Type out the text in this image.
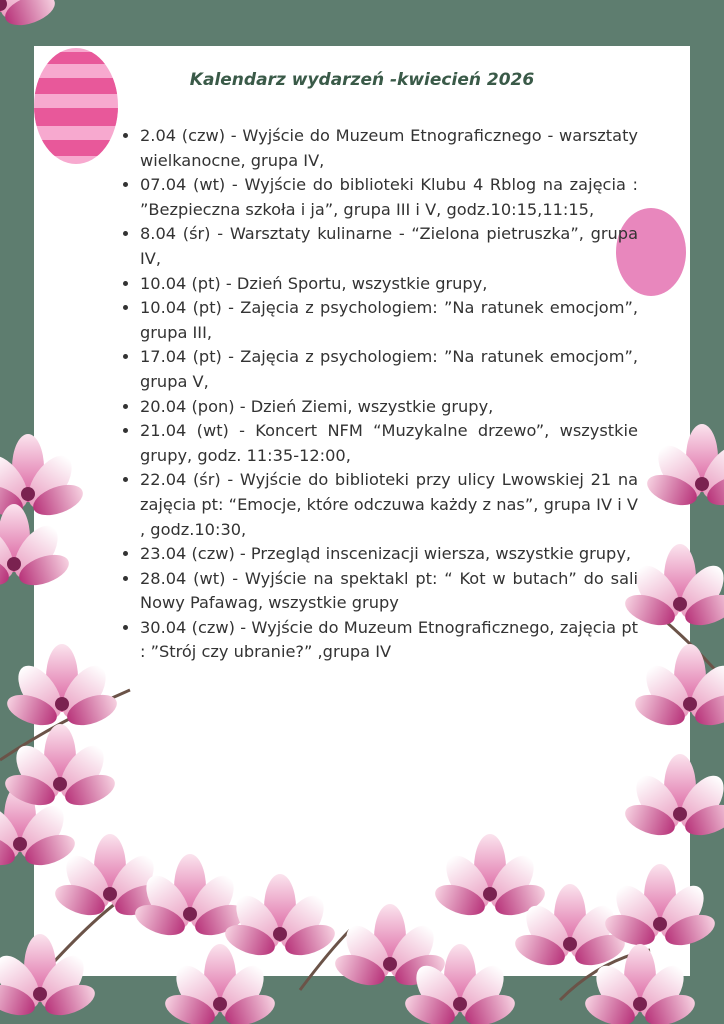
Kalendarz wydarzeń -kwiecień 2026
• 2.04 (czw) - Wyjście do Muzeum Etnograficznego - warsztaty wielkanocne, grupa IV,
• 07.04 (wt) - Wyjście do biblioteki Klubu 4 Rblog na zajęcia : ”Bezpieczna szkoła i ja”, grupa III i V, godz.10:15,11:15,
• 8.04 (śr) - Warsztaty kulinarne - “Zielona pietruszka”, grupa IV,
• 10.04 (pt) - Dzień Sportu, wszystkie grupy,
• 10.04 (pt) - Zajęcia z psychologiem: ”Na ratunek emocjom”, grupa III,
• 17.04 (pt) - Zajęcia z psychologiem: ”Na ratunek emocjom”, grupa V,
• 20.04 (pon) - Dzień Ziemi, wszystkie grupy,
• 21.04 (wt) - Koncert NFM “Muzykalne drzewo”, wszystkie grupy, godz. 11:35-12:00,
• 22.04 (śr) - Wyjście do biblioteki przy ulicy Lwowskiej 21 na zajęcia pt: “Emocje, które odczuwa każdy z nas”, grupa IV i V , godz.10:30,
• 23.04 (czw) - Przegląd inscenizacji wiersza, wszystkie grupy,
• 28.04 (wt) - Wyjście na spektakl pt: “ Kot w butach” do sali Nowy Pafawag, wszystkie grupy
• 30.04 (czw) - Wyjście do Muzeum Etnograficznego, zajęcia pt : ”Strój czy ubranie?” ,grupa IV
